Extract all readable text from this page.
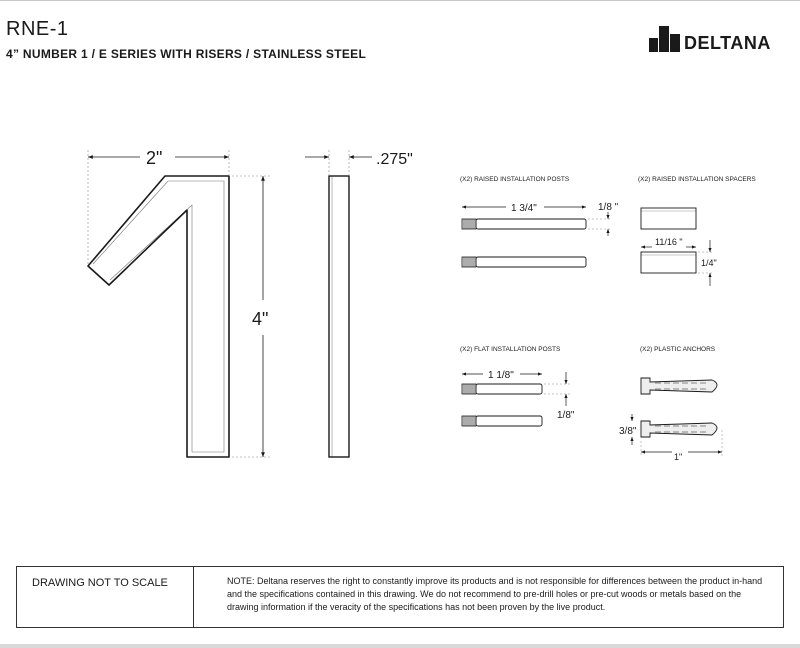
RNE-1
4” NUMBER 1 / E SERIES WITH RISERS / STAINLESS STEEL
DELTANA
2"
4"
.275"
(X2) RAISED INSTALLATION POSTS
1 3/4"	1/8 "
(X2) RAISED INSTALLATION SPACERS
11/16 "
1/4"
(X2) FLAT INSTALLATION POSTS
1 1/8"
1/8"
(X2) PLASTIC ANCHORS
3/8"
1"
DRAWING NOT TO SCALE	NOTE: Deltana reserves the right to constantly improve its products and is not responsible for differences between the product in-hand and the specifications contained in this drawing. We do not recommend to pre-drill holes or pre-cut woods or metals based on the drawing information if the veracity of the specifications has not been proven by the live product.
